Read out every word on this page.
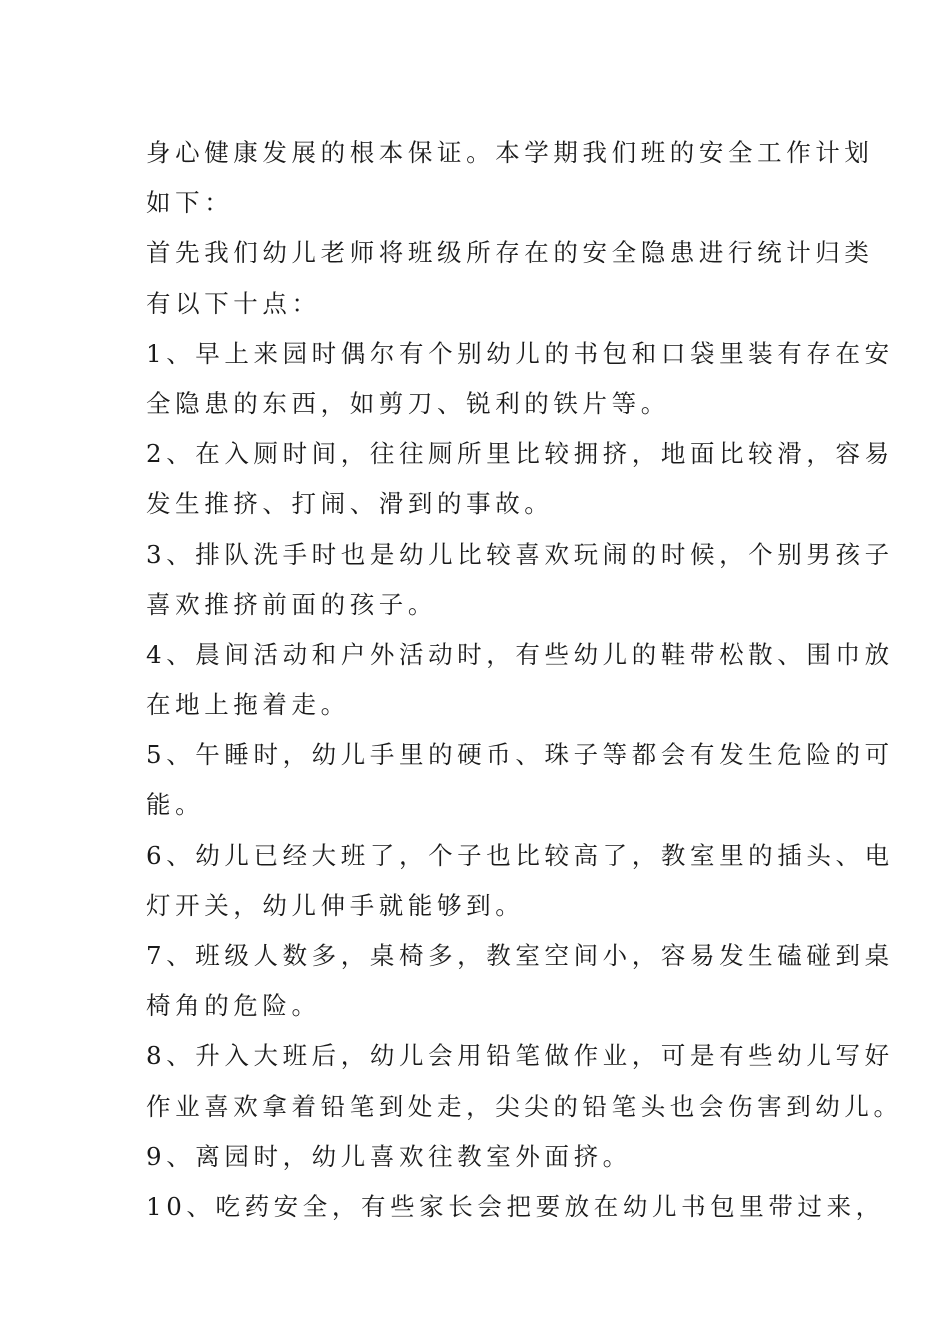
身心健康发展的根本保证。本学期我们班的安全工作计划
如下：
首先我们幼儿老师将班级所存在的安全隐患进行统计归类
有以下十点：
1、早上来园时偶尔有个别幼儿的书包和口袋里装有存在安
全隐患的东西，如剪刀、锐利的铁片等。
2、在入厕时间，往往厕所里比较拥挤，地面比较滑，容易
发生推挤、打闹、滑到的事故。
3、排队洗手时也是幼儿比较喜欢玩闹的时候，个别男孩子
喜欢推挤前面的孩子。
4、晨间活动和户外活动时，有些幼儿的鞋带松散、围巾放
在地上拖着走。
5、午睡时，幼儿手里的硬币、珠子等都会有发生危险的可
能。
6、幼儿已经大班了，个子也比较高了，教室里的插头、电
灯开关，幼儿伸手就能够到。
7、班级人数多，桌椅多，教室空间小，容易发生磕碰到桌
椅角的危险。
8、升入大班后，幼儿会用铅笔做作业，可是有些幼儿写好
作业喜欢拿着铅笔到处走，尖尖的铅笔头也会伤害到幼儿。
9、离园时，幼儿喜欢往教室外面挤。
10、吃药安全，有些家长会把要放在幼儿书包里带过来，
